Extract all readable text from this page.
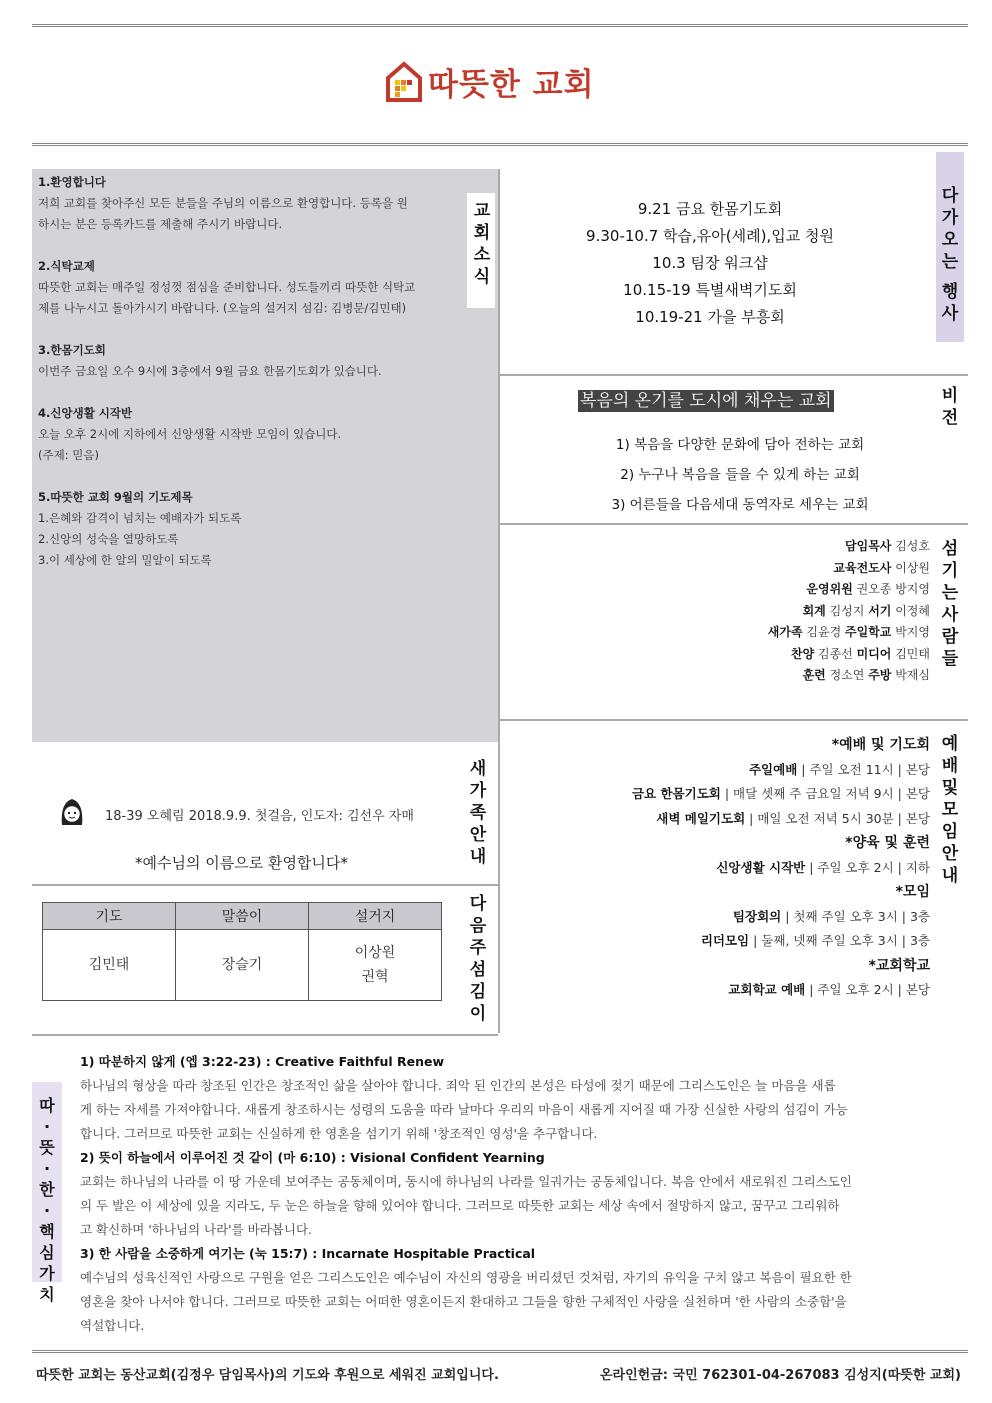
따뜻한 교회
교
회
소
식

1.환영합니다

저희 교회를 찾아주신 모든 분들을 주님의 이름으로 환영합니다. 등록을 원

하시는 분은 등록카드를 제출해 주시기 바랍니다.

2.식탁교제

따뜻한 교회는 매주일 정성껏 점심을 준비합니다. 성도들끼리 따뜻한 식탁교

제를 나누시고 돌아가시기 바랍니다. (오늘의 설거지 섬김: 김병문/김민태)

3.한몸기도회

이번주 금요일 오수 9시에 3층에서 9월 금요 한몸기도회가 있습니다.

4.신앙생활 시작반

오늘 오후 2시에 지하에서 신앙생활 시작반 모임이 있습니다.

(주제: 믿음)

5.따뜻한 교회 9월의 기도제목

1.은혜와 감격이 넘치는 예배자가 되도록

2.신앙의 성숙을 열망하도록

3.이 세상에 한 알의 밀알이 되도록

다
가
오
는
행
사
9.21 금요 한몸기도회
9.30-10.7 학습,유아(세례),입교 청원
10.3 팀장 워크샵
10.15-19 특별새벽기도회
10.19-21 가을 부흥회
비
전
복음의 온기를 도시에 채우는 교회
1) 복음을 다양한 문화에 담아 전하는 교회
2) 누구나 복음을 들을 수 있게 하는 교회
3) 어른들을 다음세대 동역자로 세우는 교회
섬
기
는
사
람
들
담임목사 김성호
교육전도사 이상원
운영위원 권오종 방지영
회계 김성지 서기 이정혜
새가족 김윤경 주일학교 박지영
찬양 김종선 미디어 김민태
훈련 정소연 주방 박재심
예
배
및
모
임
안
내
*예배 및 기도회
주일예배 | 주일 오전 11시 | 본당
금요 한몸기도회 | 매달 셋째 주 금요일 저녁 9시 | 본당
새벽 메일기도회 | 매일 오전 저녁 5시 30분 | 본당
*양육 및 훈련
신앙생활 시작반 | 주일 오후 2시 | 지하
*모임
팀장회의 | 첫째 주일 오후 3시 | 3층
리더모임 | 둘째, 넷째 주일 오후 3시 | 3층
*교회학교
교회학교 예배 | 주일 오후 2시 | 본당
새
가
족
안
내
18-39 오혜림 2018.9.9. 첫걸음, 인도자: 김선우 자매
*예수님의 이름으로 환영합니다*
다
음
주
섬
김
이
기도	말씀이	설거지
김민태	장슬기	이상원
권혁
따
·
뜻
·
한
·
핵
심
가
치

1) 따분하지 않게 (엡 3:22-23) : Creative Faithful Renew

하나님의 형상을 따라 창조된 인간은 창조적인 삶을 살아야 합니다. 죄악 된 인간의 본성은 타성에 젖기 때문에 그리스도인은 늘 마음을 새롭

게 하는 자세를 가져야합니다. 새롭게 창조하시는 성령의 도움을 따라 날마다 우리의 마음이 새롭게 지어질 때 가장 신실한 사랑의 섬김이 가능

합니다. 그러므로 따뜻한 교회는 신실하게 한 영혼을 섬기기 위해 '창조적인 영성'을 추구합니다.

2) 뜻이 하늘에서 이루어진 것 같이 (마 6:10) : Visional Confident Yearning

교회는 하나님의 나라를 이 땅 가운데 보여주는 공동체이며, 동시에 하나님의 나라를 일궈가는 공동체입니다. 복음 안에서 새로워진 그리스도인

의 두 발은 이 세상에 있을 지라도, 두 눈은 하늘을 향해 있어야 합니다. 그러므로 따뜻한 교회는 세상 속에서 절망하지 않고, 꿈꾸고 그리워하

고 확신하며 '하나님의 나라'를 바라봅니다.

3) 한 사람을 소중하게 여기는 (눅 15:7) : Incarnate Hospitable Practical

예수님의 성육신적인 사랑으로 구원을 얻은 그리스도인은 예수님이 자신의 영광을 버리셨던 것처럼, 자기의 유익을 구치 않고 복음이 필요한 한

영혼을 찾아 나서야 합니다. 그러므로 따뜻한 교회는 어떠한 영혼이든지 환대하고 그들을 향한 구체적인 사랑을 실천하며 '한 사람의 소중함'을

역설합니다.

따뜻한 교회는 동산교회(김정우 담임목사)의 기도와 후원으로 세워진 교회입니다.	온라인헌금: 국민 762301-04-267083 김성지(따뜻한 교회)
